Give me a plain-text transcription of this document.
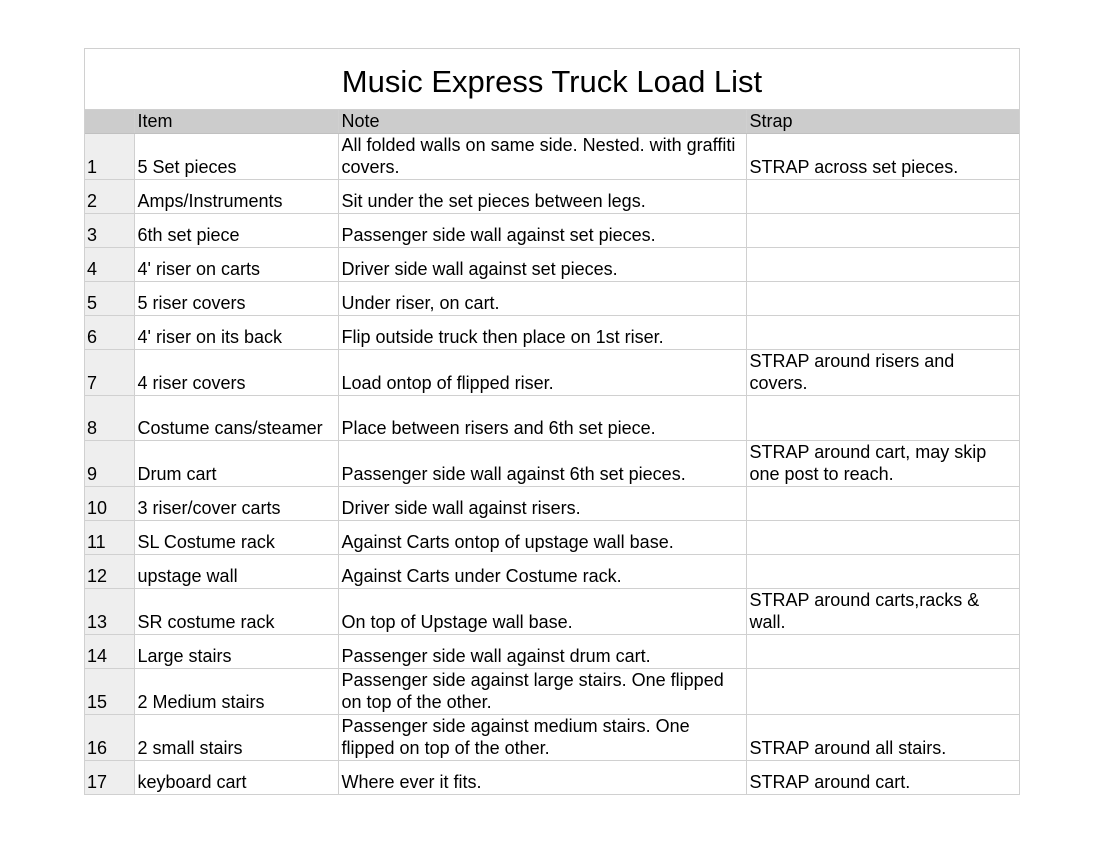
Music Express Truck Load List
	Item	Note	Strap
1	5 Set pieces	All folded walls on same side. Nested. with graffiti covers.	STRAP across set pieces.
2	Amps/Instruments	Sit under the set pieces between legs.	
3	6th set piece	Passenger side wall against set pieces.	
4	4' riser on carts	Driver side wall against set pieces.	
5	5 riser covers	Under riser, on cart.	
6	4' riser on its back	Flip outside truck then place on 1st riser.	
7	4 riser covers	Load ontop of flipped riser.	STRAP around risers and covers.
8	Costume cans/steamer	Place between risers and 6th set piece.	
9	Drum cart	Passenger side wall against 6th set pieces.	STRAP around cart, may skip one post to reach.
10	3 riser/cover carts	Driver side wall against risers.	
11	SL Costume rack	Against Carts ontop of upstage wall base.	
12	upstage wall	Against Carts under Costume rack.	
13	SR costume rack	On top of Upstage wall base.	STRAP around carts,racks & wall.
14	Large stairs	Passenger side wall against drum cart.	
15	2 Medium stairs	Passenger side against large stairs. One flipped on top of the other.	
16	2 small stairs	Passenger side against medium stairs. One flipped on top of the other.	STRAP around all stairs.
17	keyboard cart	Where ever it fits.	STRAP around cart.
